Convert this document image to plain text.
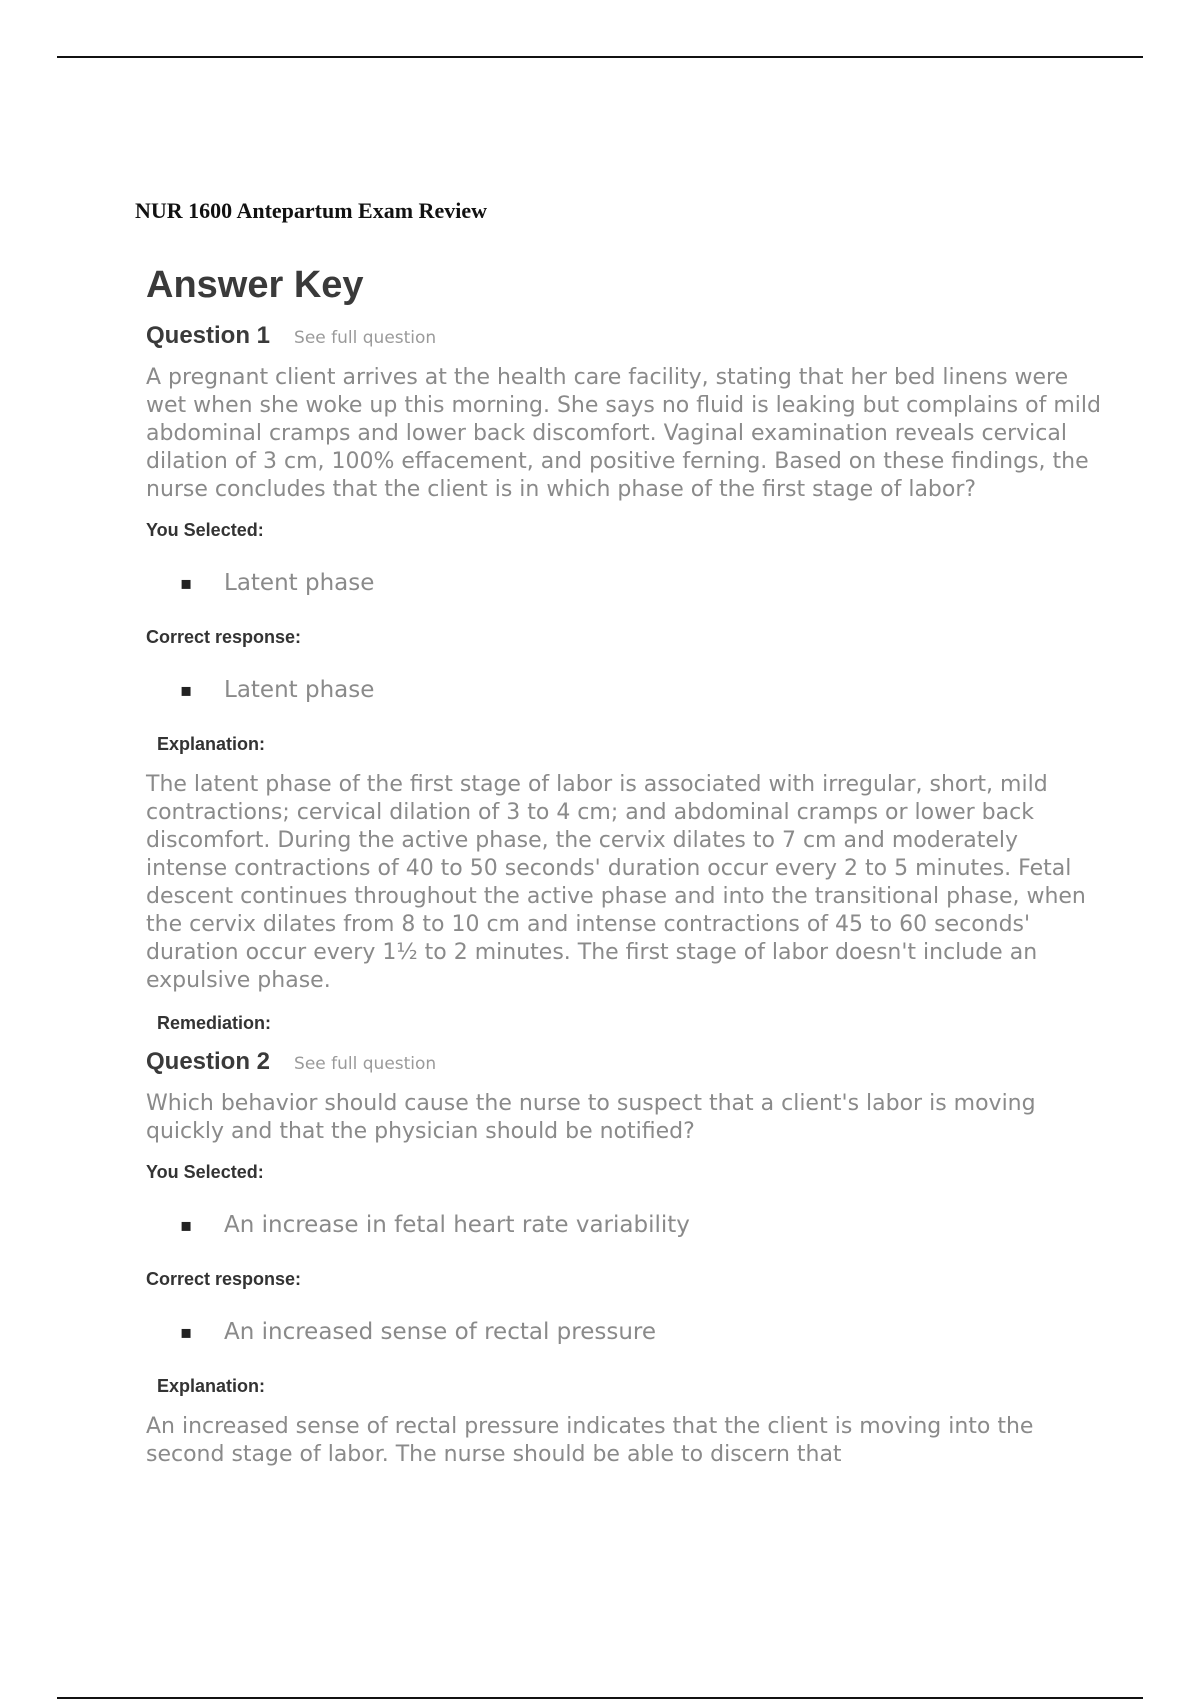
NUR 1600 Antepartum Exam Review
Answer Key
Question 1 See full question
A pregnant client arrives at the health care facility, stating that her bed linens were wet when she woke up this morning. She says no fluid is leaking but complains of mild abdominal cramps and lower back discomfort. Vaginal examination reveals cervical dilation of 3 cm, 100% effacement, and positive ferning. Based on these findings, the nurse concludes that the client is in which phase of the first stage of labor?
You Selected:
▪	Latent phase
Correct response:
▪	Latent phase
Explanation:
The latent phase of the first stage of labor is associated with irregular, short, mild contractions; cervical dilation of 3 to 4 cm; and abdominal cramps or lower back discomfort. During the active phase, the cervix dilates to 7 cm and moderately intense contractions of 40 to 50 seconds' duration occur every 2 to 5 minutes. Fetal descent continues throughout the active phase and into the transitional phase, when the cervix dilates from 8 to 10 cm and intense contractions of 45 to 60 seconds' duration occur every 1½ to 2 minutes. The first stage of labor doesn't include an expulsive phase.
Remediation:
Question 2 See full question
Which behavior should cause the nurse to suspect that a client's labor is moving quickly and that the physician should be notified?
You Selected:
▪	An increase in fetal heart rate variability
Correct response:
▪	An increased sense of rectal pressure
Explanation:
An increased sense of rectal pressure indicates that the client is moving into the second stage of labor. The nurse should be able to discern that
